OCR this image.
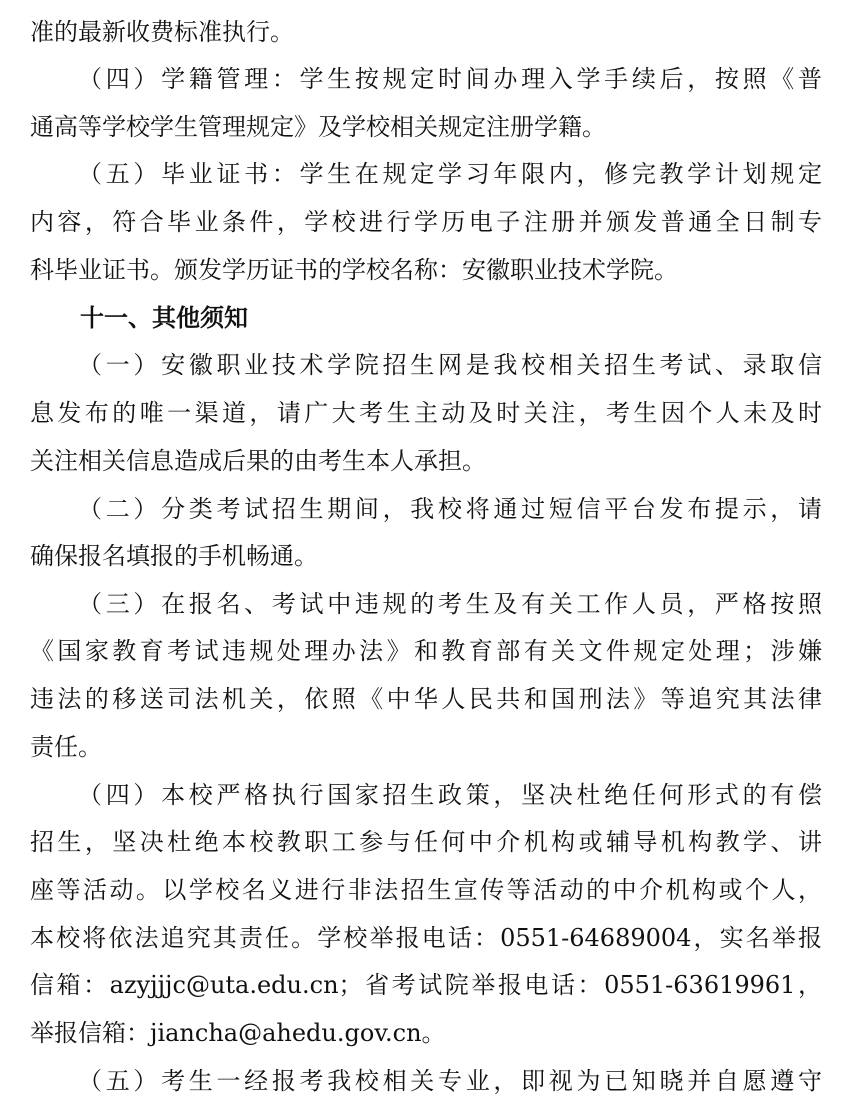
准的最新收费标准执行。
（四）学籍管理：学生按规定时间办理入学手续后，按照《普
通高等学校学生管理规定》及学校相关规定注册学籍。
（五）毕业证书：学生在规定学习年限内，修完教学计划规定
内容，符合毕业条件，学校进行学历电子注册并颁发普通全日制专
科毕业证书。颁发学历证书的学校名称：安徽职业技术学院。
十一、其他须知
（一）安徽职业技术学院招生网是我校相关招生考试、录取信
息发布的唯一渠道，请广大考生主动及时关注，考生因个人未及时
关注相关信息造成后果的由考生本人承担。
（二）分类考试招生期间，我校将通过短信平台发布提示，请
确保报名填报的手机畅通。
（三）在报名、考试中违规的考生及有关工作人员，严格按照
《国家教育考试违规处理办法》和教育部有关文件规定处理；涉嫌
违法的移送司法机关，依照《中华人民共和国刑法》等追究其法律
责任。
（四）本校严格执行国家招生政策，坚决杜绝任何形式的有偿
招生，坚决杜绝本校教职工参与任何中介机构或辅导机构教学、讲
座等活动。以学校名义进行非法招生宣传等活动的中介机构或个人，
本校将依法追究其责任。学校举报电话：0551-64689004，实名举报
信箱：azyjjjc@uta.edu.cn；省考试院举报电话：0551-63619961，
举报信箱：jiancha@ahedu.gov.cn。
（五）考生一经报考我校相关专业，即视为已知晓并自愿遵守
